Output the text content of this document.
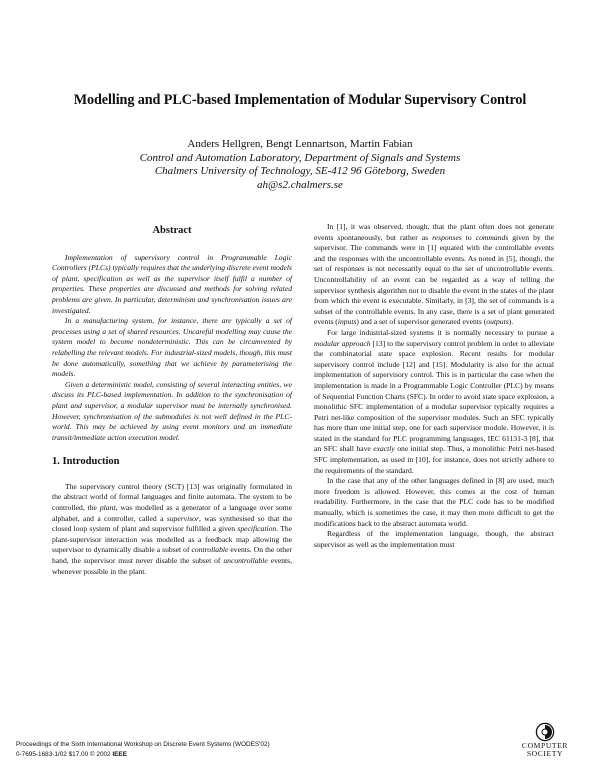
Modelling and PLC-based Implementation of Modular Supervisory Control
Anders Hellgren, Bengt Lennartson, Martin Fabian
Control and Automation Laboratory, Department of Signals and Systems
Chalmers University of Technology, SE-412 96 Göteborg, Sweden
ah@s2.chalmers.se
Abstract

Implementation of supervisory control in Programmable Logic Controllers (PLCs) typically requires that the underlying discrete event models of plant, specification as well as the supervisor itself fulfil a number of properties. These properties are discussed and methods for solving related problems are given. In particular, determinism and synchronisation issues are investigated.

In a manufacturing system, for instance, there are typically a set of processes using a set of shared resources. Uncareful modelling may cause the system model to become nondeterministic. This can be circumvented by relabelling the relevant models. For industrial-sized models, though, this must be done automatically, something that we achieve by parameterising the models.

Given a deterministic model, consisting of several interacting entities, we discuss its PLC-based implementation. In addition to the synchronisation of plant and supervisor, a modular supervisor must be internally synchronised. However, synchronisation of the submodules is not well defined in the PLC-world. This may be achieved by using event monitors and an immediate transit/immediate action execution model.

1. Introduction

The supervisory control theory (SCT) [13] was originally formulated in the abstract world of formal languages and finite automata. The system to be controlled, the plant, was modelled as a generator of a language over some alphabet, and a controller, called a supervisor, was synthesised so that the closed loop system of plant and supervisor fulfilled a given specification. The plant-supervisor interaction was modelled as a feedback map allowing the supervisor to dynamically disable a subset of controllable events. On the other hand, the supervisor must never disable the subset of uncontrollable events, whenever possible in the plant.

In [1], it was observed, though, that the plant often does not generate events spontaneously, but rather as responses to commands given by the supervisor. The commands were in [1] equated with the controllable events and the responses with the uncontrollable events. As noted in [5], though, the set of responses is not necessarily equal to the set of uncontrollable events. Uncontrollability of an event can be regarded as a way of telling the supervisor synthesis algorithm not to disable the event in the states of the plant from which the event is executable. Similarly, in [3], the set of commands is a subset of the controllable events. In any case, there is a set of plant generated events (inputs) and a set of supervisor generated events (outputs).

For large industrial-sized systems it is normally necessary to pursue a modular approach [13] to the supervisory control problem in order to alleviate the combinatorial state space explosion. Recent results for modular supervisory control include [12] and [15]. Modularity is also for the actual implementation of supervisory control. This is in particular the case when the implementation is made in a Programmable Logic Controller (PLC) by means of Sequential Function Charts (SFC). In order to avoid state space explosion, a monolithic SFC implementation of a modular supervisor typically requires a Petri net-like composition of the supervisor modules. Such an SFC typically has more than one initial step, one for each supervisor module. However, it is stated in the standard for PLC programming languages, IEC 61131-3 [8], that an SFC shall have exactly one initial step. Thus, a monolithic Petri net-based SFC implementation, as used in [10], for instance, does not strictly adhere to the requirements of the standard.

In the case that any of the other languages defined in [8] are used, much more freedom is allowed. However, this comes at the cost of human readability. Furthermore, in the case that the PLC code has to be modified manually, which is sometimes the case, it may then more difficult to get the modifications back to the abstract automata world.

Regardless of the implementation language, though, the abstract supervisor as well as the implementation must

Proceedings of the Sixth International Workshop on Discrete Event Systems (WODES'02)
0-7695-1683-1/02 $17.00 © 2002 IEEE
COMPUTER
SOCIETY
